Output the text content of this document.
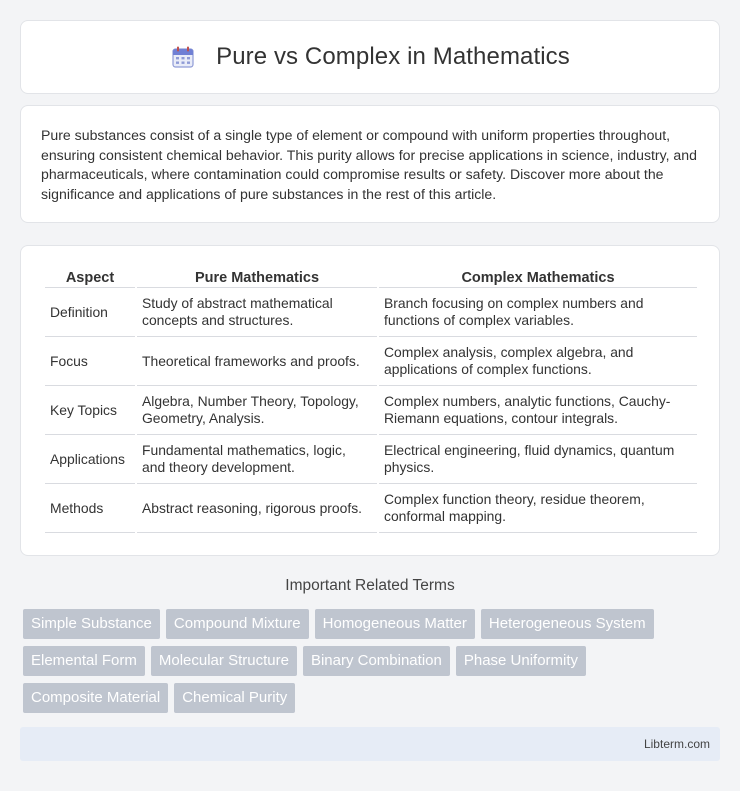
Pure vs Complex in Mathematics

Pure substances consist of a single type of element or compound with uniform properties throughout, ensuring consistent chemical behavior. This purity allows for precise applications in science, industry, and pharmaceuticals, where contamination could compromise results or safety. Discover more about the significance and applications of pure substances in the rest of this article.

Aspect	Pure Mathematics	Complex Mathematics
Definition	Study of abstract mathematical concepts and structures.	Branch focusing on complex numbers and functions of complex variables.
Focus	Theoretical frameworks and proofs.	Complex analysis, complex algebra, and applications of complex functions.
Key Topics	Algebra, Number Theory, Topology, Geometry, Analysis.	Complex numbers, analytic functions, Cauchy-Riemann equations, contour integrals.
Applications	Fundamental mathematics, logic, and theory development.	Electrical engineering, fluid dynamics, quantum physics.
Methods	Abstract reasoning, rigorous proofs.	Complex function theory, residue theorem, conformal mapping.
Important Related Terms
Simple Substance	Compound Mixture	Homogeneous Matter	Heterogeneous System
Elemental Form	Molecular Structure	Binary Combination	Phase Uniformity
Composite Material	Chemical Purity
Libterm.com
